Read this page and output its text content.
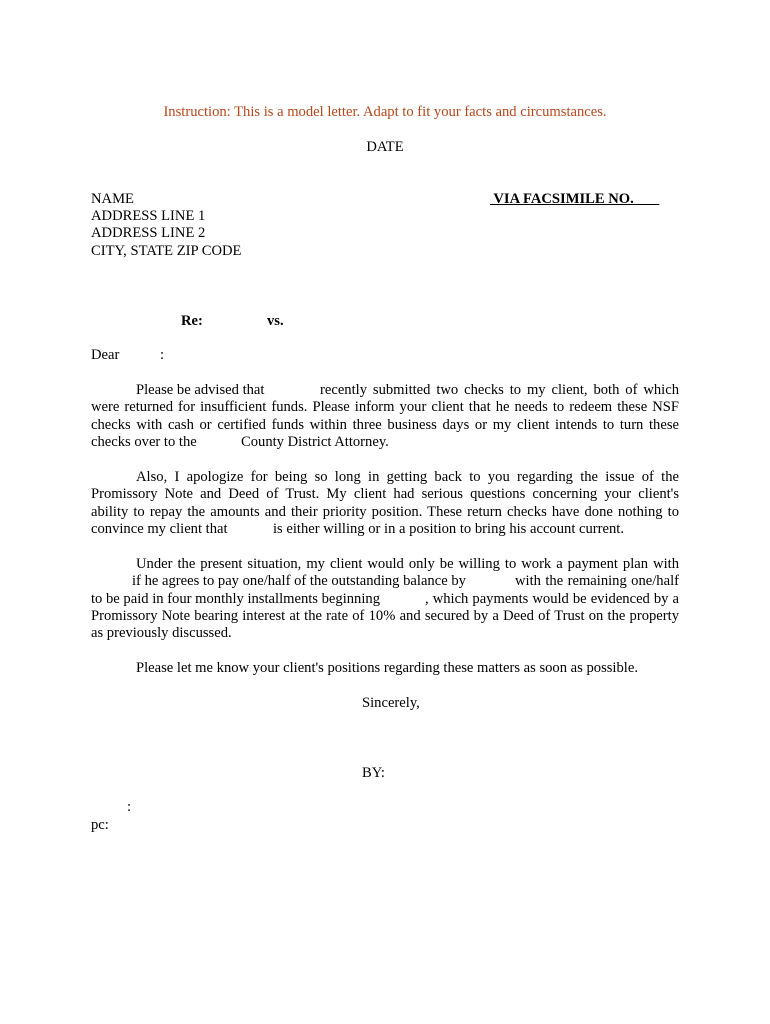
Instruction: This is a model letter. Adapt to fit your facts and circumstances.
DATE
NAME
ADDRESS LINE 1
ADDRESS LINE 2
CITY, STATE ZIP CODE
VIA FACSIMILE NO.
Re:	vs.
Dear	:
Please be advised that	recently submitted two checks to my client, both of which
were returned for insufficient funds. Please inform your client that he needs to redeem these NSF
checks with cash or certified funds within three business days or my client intends to turn these
checks over to the	County District Attorney.
Also, I apologize for being so long in getting back to you regarding the issue of the
Promissory Note and Deed of Trust. My client had serious questions concerning your client's
ability to repay the amounts and their priority position. These return checks have done nothing to
convince my client that	is either willing or in a position to bring his account current.
Under the present situation, my client would only be willing to work a payment plan with
if he agrees to pay one/half of the outstanding balance by	with the remaining one/half
to be paid in four monthly installments beginning	, which payments would be evidenced by a
Promissory Note bearing interest at the rate of 10% and secured by a Deed of Trust on the property
as previously discussed.
Please let me know your client's positions regarding these matters as soon as possible.
Sincerely,
BY:
:
pc:
